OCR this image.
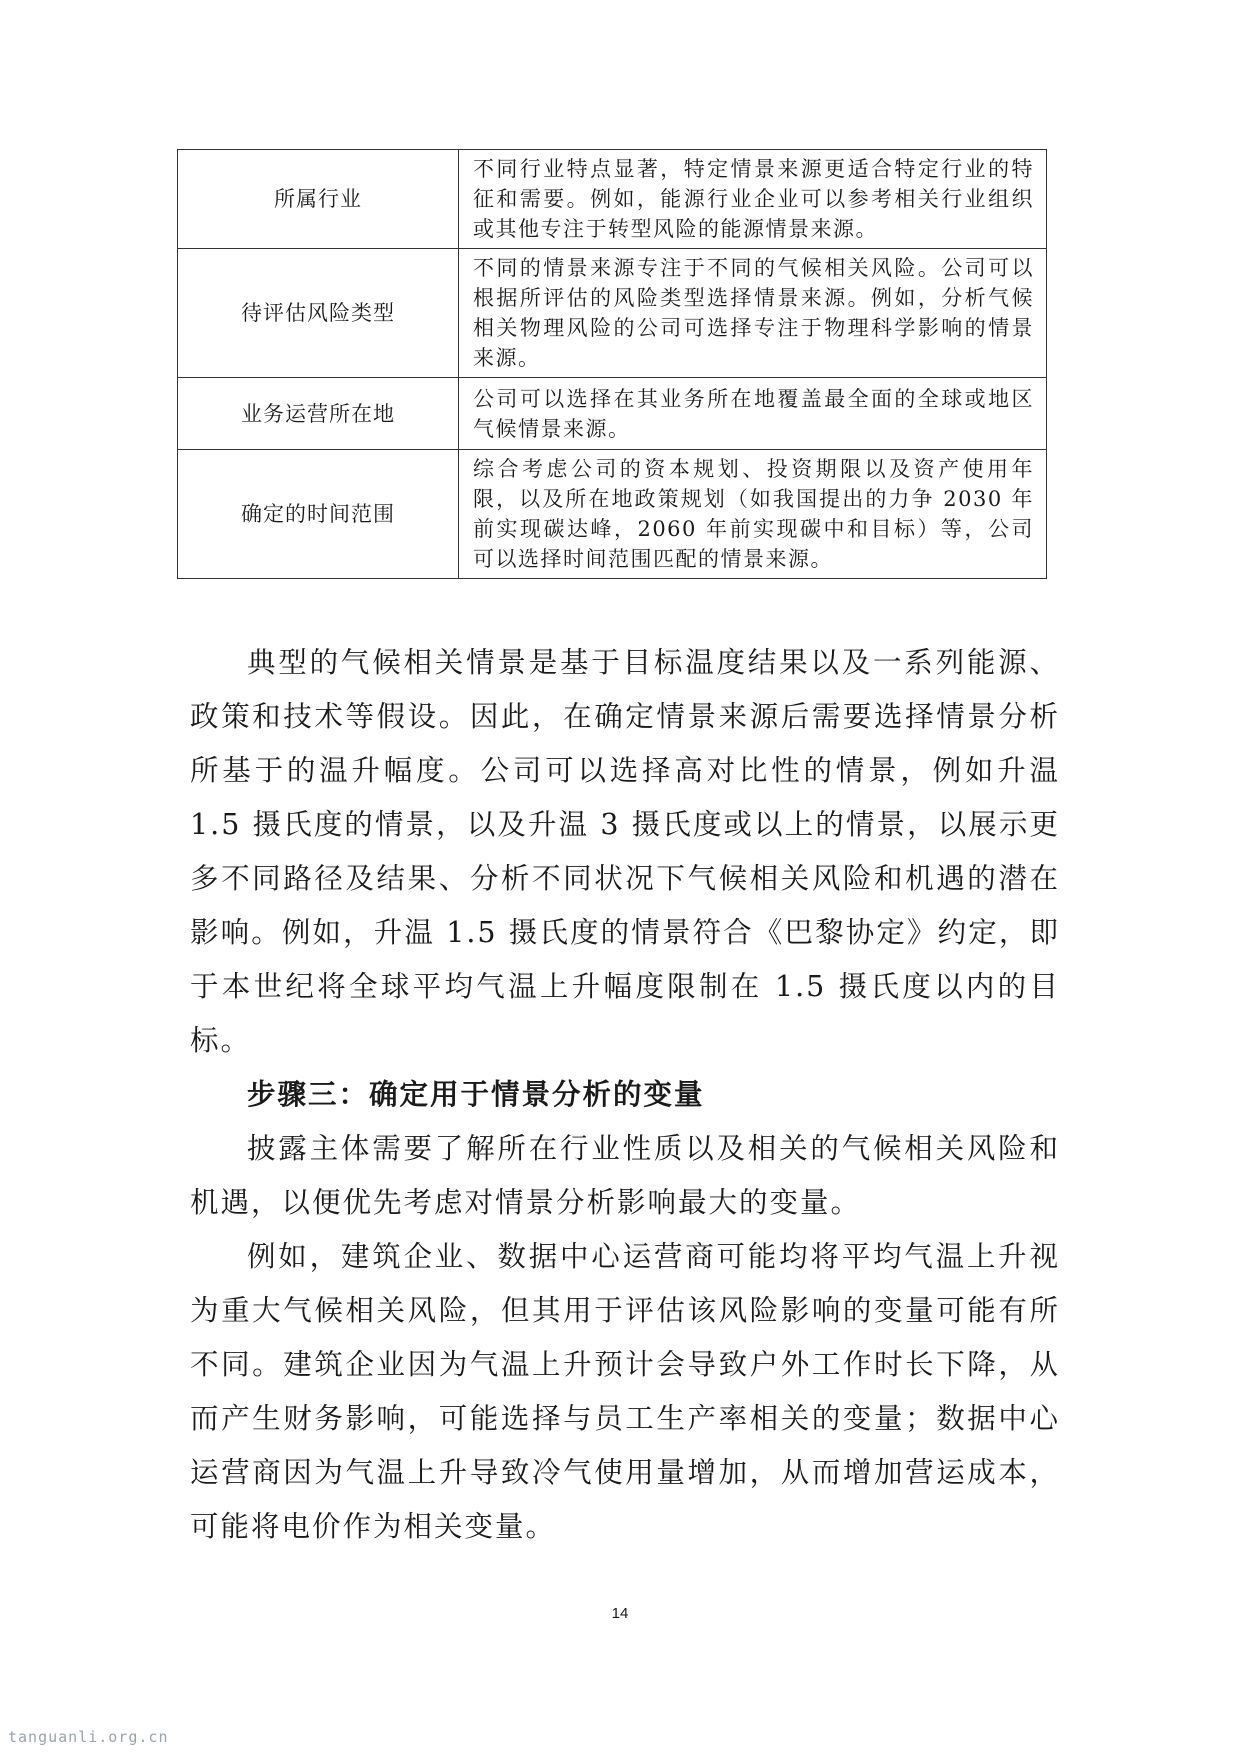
所属行业	不同行业特点显著，特定情景来源更适合特定行业的特征和需要。例如，能源行业企业可以参考相关行业组织或其他专注于转型风险的能源情景来源。
待评估风险类型	不同的情景来源专注于不同的气候相关风险。公司可以根据所评估的风险类型选择情景来源。例如，分析气候相关物理风险的公司可选择专注于物理科学影响的情景来源。
业务运营所在地	公司可以选择在其业务所在地覆盖最全面的全球或地区气候情景来源。
确定的时间范围	综合考虑公司的资本规划、投资期限以及资产使用年限，以及所在地政策规划（如我国提出的力争 2030 年前实现碳达峰，2060 年前实现碳中和目标）等，公司可以选择时间范围匹配的情景来源。

典型的气候相关情景是基于目标温度结果以及一系列能源、政策和技术等假设。因此，在确定情景来源后需要选择情景分析所基于的温升幅度。公司可以选择高对比性的情景，例如升温 1.5 摄氏度的情景，以及升温 3 摄氏度或以上的情景，以展示更多不同路径及结果、分析不同状况下气候相关风险和机遇的潜在影响。例如，升温 1.5 摄氏度的情景符合《巴黎协定》约定，即于本世纪将全球平均气温上升幅度限制在 1.5 摄氏度以内的目标。

步骤三：确定用于情景分析的变量

披露主体需要了解所在行业性质以及相关的气候相关风险和机遇，以便优先考虑对情景分析影响最大的变量。

例如，建筑企业、数据中心运营商可能均将平均气温上升视为重大气候相关风险，但其用于评估该风险影响的变量可能有所不同。建筑企业因为气温上升预计会导致户外工作时长下降，从而产生财务影响，可能选择与员工生产率相关的变量；数据中心运营商因为气温上升导致冷气使用量增加，从而增加营运成本，可能将电价作为相关变量。

14
tanguanli.org.cn
